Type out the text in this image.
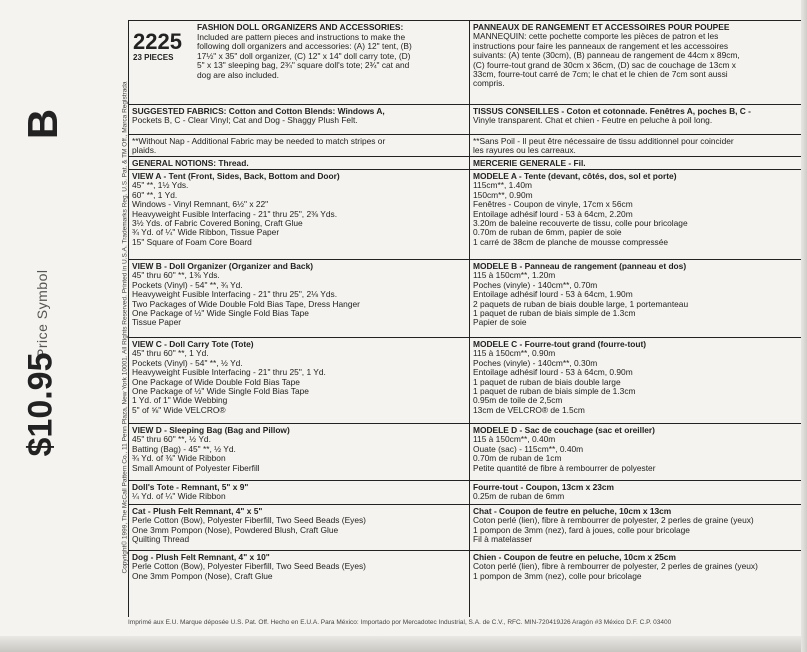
B
Price Symbol
$10.95	Copyright© 1999, The McCall Pattern Co., 11 Penn Plaza, New York 10001. All Rights Reserved. Printed in U.S.A. Trademarks Reg. U.S. Pat. & TM Off., Marca Registrada
2225
23 PIECES
FASHION DOLL ORGANIZERS AND ACCESSORIES:
Included are pattern pieces and instructions to make the
following doll organizers and accessories: (A) 12" tent, (B)
17½" x 35" doll organizer, (C) 12" x 14" doll carry tote, (D)
5" x 13" sleeping bag, 2¾" square doll's tote; 2¾" cat and
dog are also included.
SUGGESTED FABRICS: Cotton and Cotton Blends: Windows A,
Pockets B, C - Clear Vinyl; Cat and Dog - Shaggy Plush Felt.
**Without Nap - Additional Fabric may be needed to match stripes or
plaids.
GENERAL NOTIONS: Thread.
VIEW A - Tent (Front, Sides, Back, Bottom and Door)
45" **, 1½ Yds.
60" **, 1 Yd.
Windows - Vinyl Remnant, 6½" x 22"
Heavyweight Fusible Interfacing - 21" thru 25", 2⅜ Yds.
3½ Yds. of Fabric Covered Boning, Craft Glue
¾ Yd. of ¼" Wide Ribbon, Tissue Paper
15" Square of Foam Core Board
VIEW B - Doll Organizer (Organizer and Back)
45" thru 60" **, 1⅜ Yds.
Pockets (Vinyl) - 54" **, ¾ Yd.
Heavyweight Fusible Interfacing - 21" thru 25", 2⅛ Yds.
Two Packages of Wide Double Fold Bias Tape, Dress Hanger
One Package of ½" Wide Single Fold Bias Tape
Tissue Paper
VIEW C - Doll Carry Tote (Tote)
45" thru 60" **, 1 Yd.
Pockets (Vinyl) - 54" **, ½ Yd.
Heavyweight Fusible Interfacing - 21" thru 25", 1 Yd.
One Package of Wide Double Fold Bias Tape
One Package of ½" Wide Single Fold Bias Tape
1 Yd. of 1" Wide Webbing
5" of ⅝" Wide VELCRO®
VIEW D - Sleeping Bag (Bag and Pillow)
45" thru 60" **, ½ Yd.
Batting (Bag) - 45" **, ½ Yd.
¾ Yd. of ⅜" Wide Ribbon
Small Amount of Polyester Fiberfill
Doll's Tote - Remnant, 5" x 9"
¼ Yd. of ¼" Wide Ribbon
Cat - Plush Felt Remnant, 4" x 5"
Perle Cotton (Bow), Polyester Fiberfill, Two Seed Beads (Eyes)
One 3mm Pompon (Nose), Powdered Blush, Craft Glue
Quilting Thread
Dog - Plush Felt Remnant, 4" x 10"
Perle Cotton (Bow), Polyester Fiberfill, Two Seed Beads (Eyes)
One 3mm Pompon (Nose), Craft Glue
PANNEAUX DE RANGEMENT ET ACCESSOIRES POUR POUPEE
MANNEQUIN: cette pochette comporte les pièces de patron et les
instructions pour faire les panneaux de rangement et les accessoires
suivants: (A) tente (30cm), (B) panneau de rangement de 44cm x 89cm,
(C) fourre-tout grand de 30cm x 36cm, (D) sac de couchage de 13cm x
33cm, fourre-tout carré de 7cm; le chat et le chien de 7cm sont aussi
compris.
TISSUS CONSEILLES - Coton et cotonnade. Fenêtres A, poches B, C -
Vinyle transparent. Chat et chien - Feutre en peluche à poil long.
**Sans Poil - Il peut être nécessaire de tissu additionnel pour coincider
les rayures ou les carreaux.
MERCERIE GENERALE - Fil.
MODELE A - Tente (devant, côtés, dos, sol et porte)
115cm**, 1.40m
150cm**, 0.90m
Fenêtres - Coupon de vinyle, 17cm x 56cm
Entoilage adhésif lourd - 53 à 64cm, 2.20m
3.20m de baleine recouverte de tissu, colle pour bricolage
0.70m de ruban de 6mm, papier de soie
1 carré de 38cm de planche de mousse compressée
MODELE B - Panneau de rangement (panneau et dos)
115 à 150cm**, 1.20m
Poches (vinyle) - 140cm**, 0.70m
Entoilage adhésif lourd - 53 à 64cm, 1.90m
2 paquets de ruban de biais double large, 1 portemanteau
1 paquet de ruban de biais simple de 1.3cm
Papier de soie
MODELE C - Fourre-tout grand (fourre-tout)
115 à 150cm**, 0.90m
Poches (vinyle) - 140cm**, 0.30m
Entoilage adhésif lourd - 53 à 64cm, 0.90m
1 paquet de ruban de biais double large
1 paquet de ruban de biais simple de 1.3cm
0.95m de toile de 2,5cm
13cm de VELCRO® de 1.5cm
MODELE D - Sac de couchage (sac et oreiller)
115 à 150cm**, 0.40m
Ouate (sac) - 115cm**, 0.40m
0.70m de ruban de 1cm
Petite quantité de fibre à rembourrer de polyester
Fourre-tout - Coupon, 13cm x 23cm
0.25m de ruban de 6mm
Chat - Coupon de feutre en peluche, 10cm x 13cm
Coton perlé (lien), fibre à rembourrer de polyester, 2 perles de graine (yeux)
1 pompon de 3mm (nez), fard à joues, colle pour bricolage
Fil à matelasser
Chien - Coupon de feutre en peluche, 10cm x 25cm
Coton perlé (lien), fibre à rembourrer de polyester, 2 perles de graines (yeux)
1 pompon de 3mm (nez), colle pour bricolage
Imprimé aux E.U. Marque déposée U.S. Pat. Off. Hecho en E.U.A. Para México: Importado por Mercadotec Industrial, S.A. de C.V., RFC. MIN-720419J26 Aragón #3 México D.F. C.P. 03400
